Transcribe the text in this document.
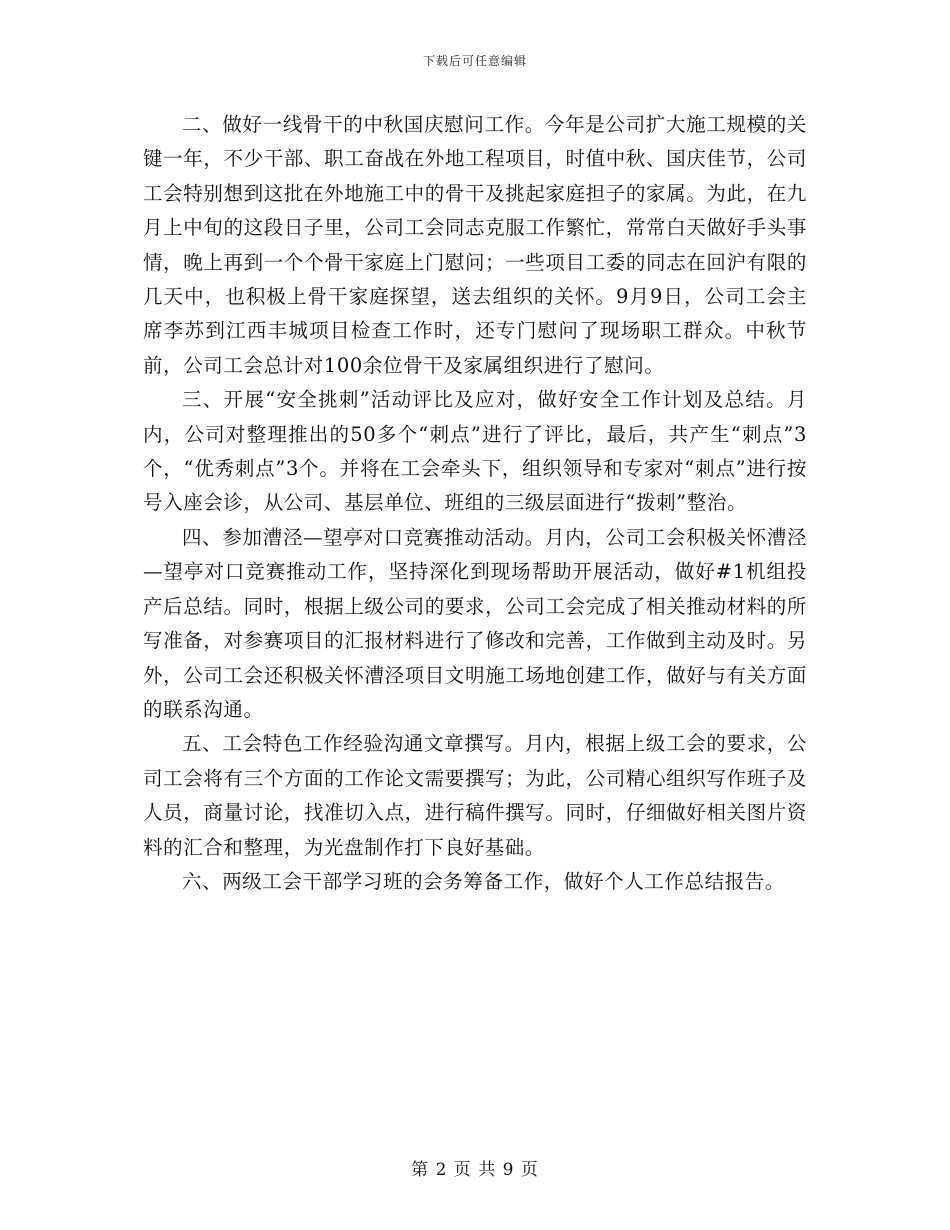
下载后可任意编辑

二、做好一线骨干的中秋国庆慰问工作。今年是公司扩大施工规模的关键一年，不少干部、职工奋战在外地工程项目，时值中秋、国庆佳节，公司工会特别想到这批在外地施工中的骨干及挑起家庭担子的家属。为此，在九月上中旬的这段日子里，公司工会同志克服工作繁忙，常常白天做好手头事情，晚上再到一个个骨干家庭上门慰问；一些项目工委的同志在回沪有限的几天中，也积极上骨干家庭探望，送去组织的关怀。9月9日，公司工会主席李苏到江西丰城项目检查工作时，还专门慰问了现场职工群众。中秋节前，公司工会总计对100余位骨干及家属组织进行了慰问。

三、开展“安全挑刺”活动评比及应对，做好安全工作计划及总结。月内，公司对整理推出的50多个“刺点”进行了评比，最后，共产生“刺点”3个，“优秀刺点”3个。并将在工会牵头下，组织领导和专家对“刺点”进行按号入座会诊，从公司、基层单位、班组的三级层面进行“拨刺”整治。

四、参加漕泾—望亭对口竞赛推动活动。月内，公司工会积极关怀漕泾—望亭对口竞赛推动工作，坚持深化到现场帮助开展活动，做好#1机组投产后总结。同时，根据上级公司的要求，公司工会完成了相关推动材料的所写准备，对参赛项目的汇报材料进行了修改和完善，工作做到主动及时。另外，公司工会还积极关怀漕泾项目文明施工场地创建工作，做好与有关方面的联系沟通。

五、工会特色工作经验沟通文章撰写。月内，根据上级工会的要求，公司工会将有三个方面的工作论文需要撰写；为此，公司精心组织写作班子及人员，商量讨论，找准切入点，进行稿件撰写。同时，仔细做好相关图片资料的汇合和整理，为光盘制作打下良好基础。

六、两级工会干部学习班的会务筹备工作，做好个人工作总结报告。

第 2 页 共 9 页
